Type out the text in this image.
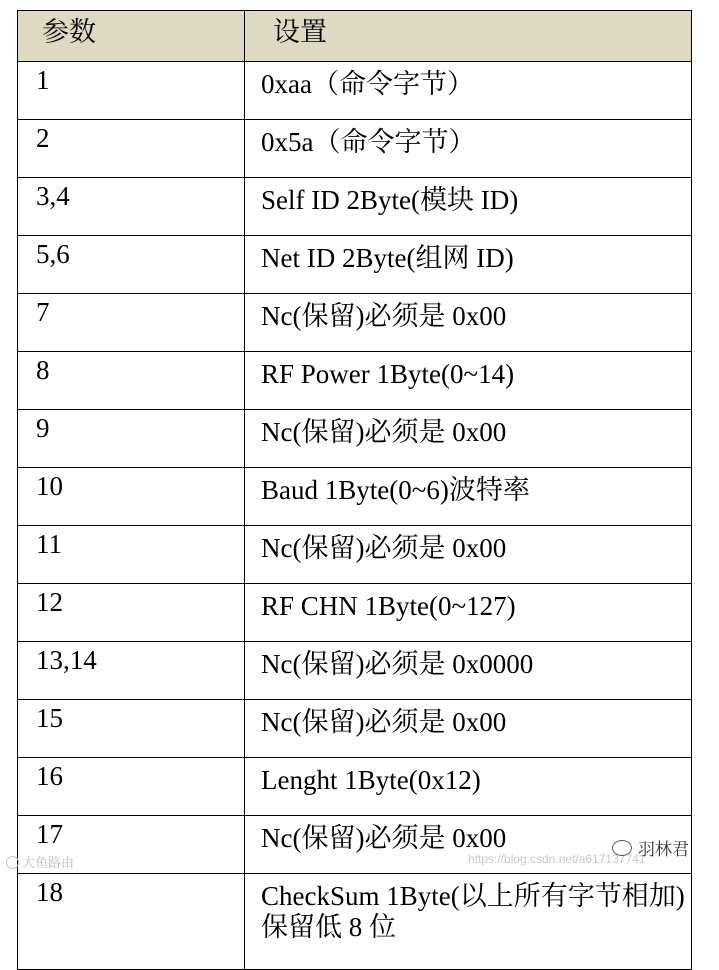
参数	设置
1	0xaa（命令字节）
2	0x5a（命令字节）
3,4	Self ID 2Byte(模块 ID)
5,6	Net ID 2Byte(组网 ID)
7	Nc(保留)必须是 0x00
8	RF Power 1Byte(0~14)
9	Nc(保留)必须是 0x00
10	Baud 1Byte(0~6)波特率
11	Nc(保留)必须是 0x00
12	RF CHN 1Byte(0~127)
13,14	Nc(保留)必须是 0x0000
15	Nc(保留)必须是 0x00
16	Lenght 1Byte(0x12)
17	Nc(保留)必须是 0x00
18	CheckSum 1Byte(以上所有字节相加)保留低 8 位
大鱼路由	https://blog.csdn.net/a617137741
羽林君
